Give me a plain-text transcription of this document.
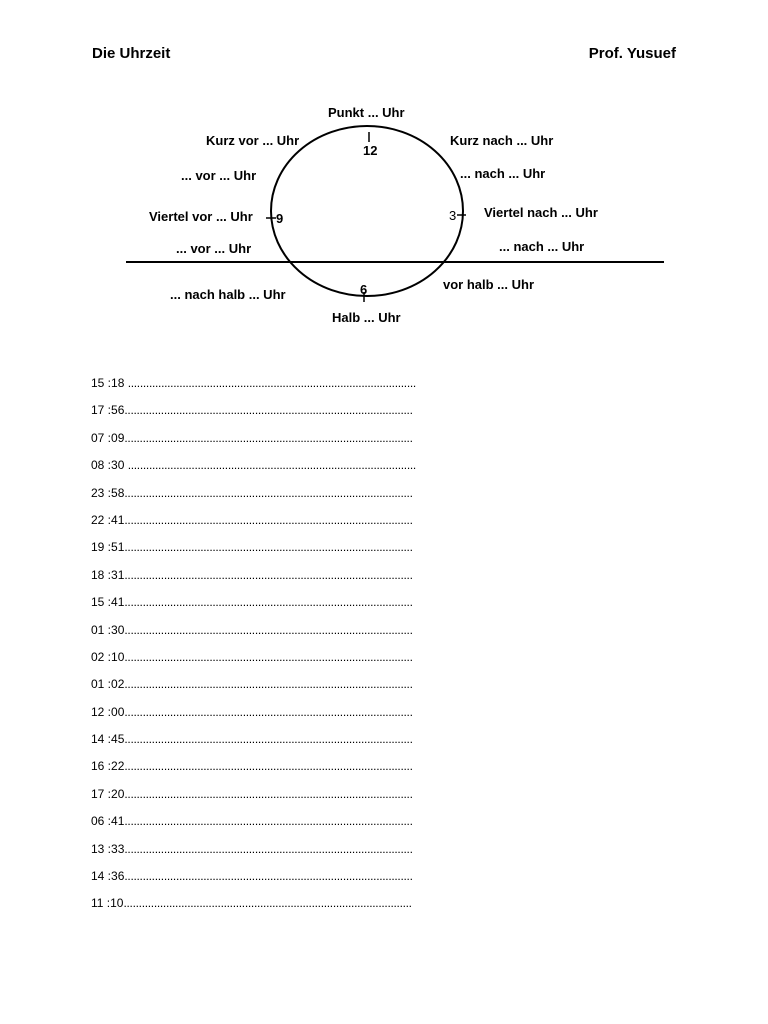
Die Uhrzeit	Prof. Yusuef
Punkt ... Uhr
Kurz vor ... Uhr	Kurz nach ... Uhr
... vor ... Uhr	... nach ... Uhr
Viertel vor ... Uhr	Viertel nach ... Uhr
... vor ... Uhr	... nach ... Uhr
... nach halb ... Uhr
vor halb ... Uhr
Halb ... Uhr
12
3
6
9
15 :18 ...............................................................................................
17 :56...............................................................................................
07 :09...............................................................................................
08 :30 ...............................................................................................
23 :58...............................................................................................
22 :41...............................................................................................
19 :51...............................................................................................
18 :31...............................................................................................
15 :41...............................................................................................
01 :30...............................................................................................
02 :10...............................................................................................
01 :02...............................................................................................
12 :00...............................................................................................
14 :45...............................................................................................
16 :22...............................................................................................
17 :20...............................................................................................
06 :41...............................................................................................
13 :33...............................................................................................
14 :36...............................................................................................
11 :10...............................................................................................
